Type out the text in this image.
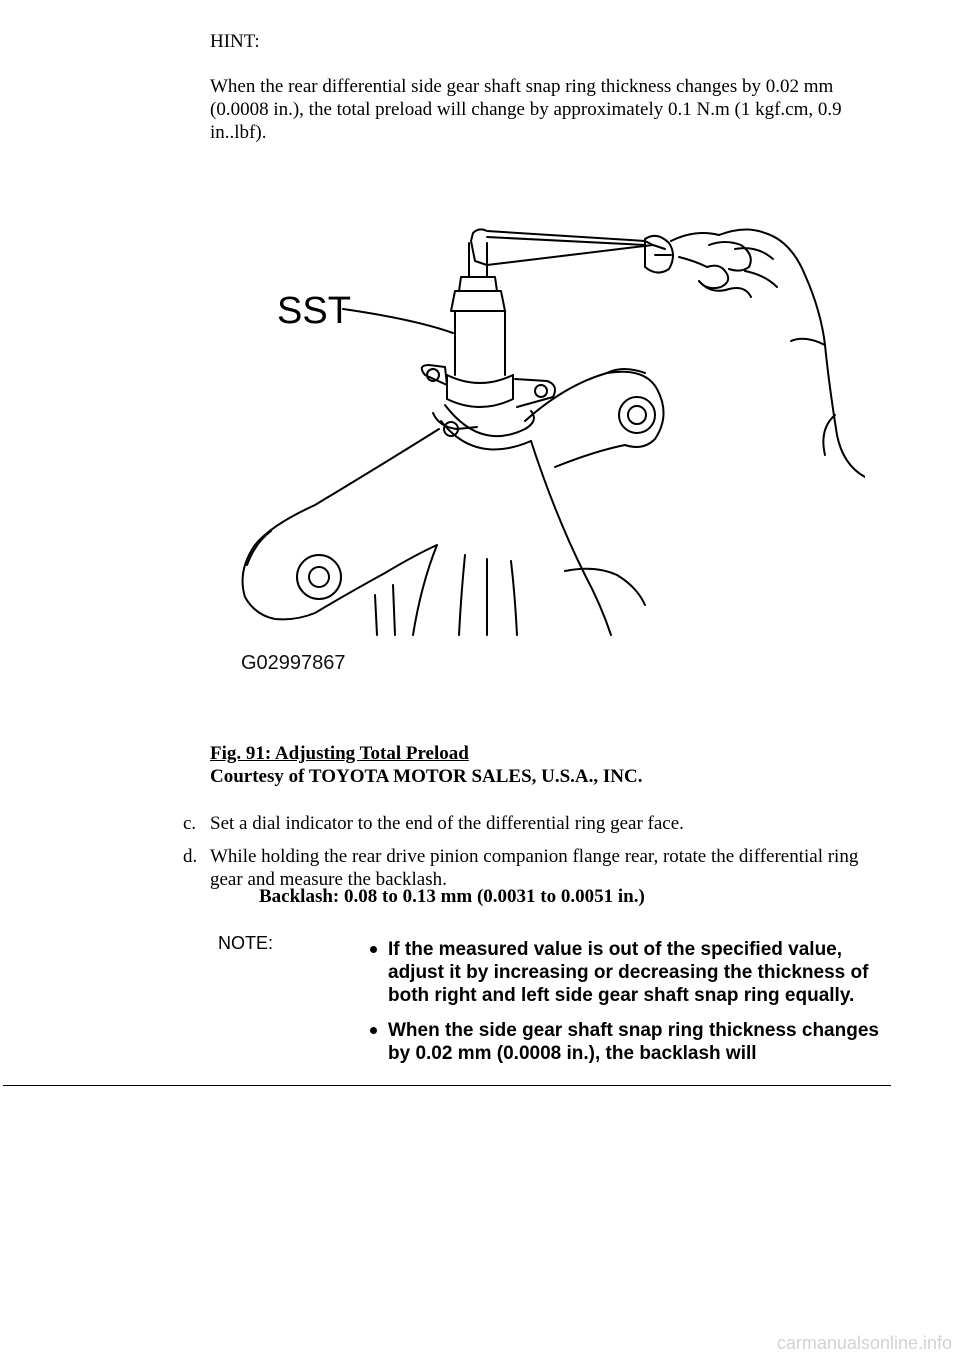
HINT:
When the rear differential side gear shaft snap ring thickness changes by 0.02 mm (0.0008 in.), the total preload will change by approximately 0.1 N.m (1 kgf.cm, 0.9 in..lbf).
SST
G02997867
Fig. 91: Adjusting Total Preload
Courtesy of TOYOTA MOTOR SALES, U.S.A., INC.
c. Set a dial indicator to the end of the differential ring gear face.
d. While holding the rear drive pinion companion flange rear, rotate the differential ring gear and measure the backlash.
Backlash: 0.08 to 0.13 mm (0.0031 to 0.0051 in.)
NOTE:	If the measured value is out of the specified value, adjust it by increasing or decreasing the thickness of both right and left side gear shaft snap ring equally.
When the side gear shaft snap ring thickness changes by 0.02 mm (0.0008 in.), the backlash will
carmanualsonline.info
